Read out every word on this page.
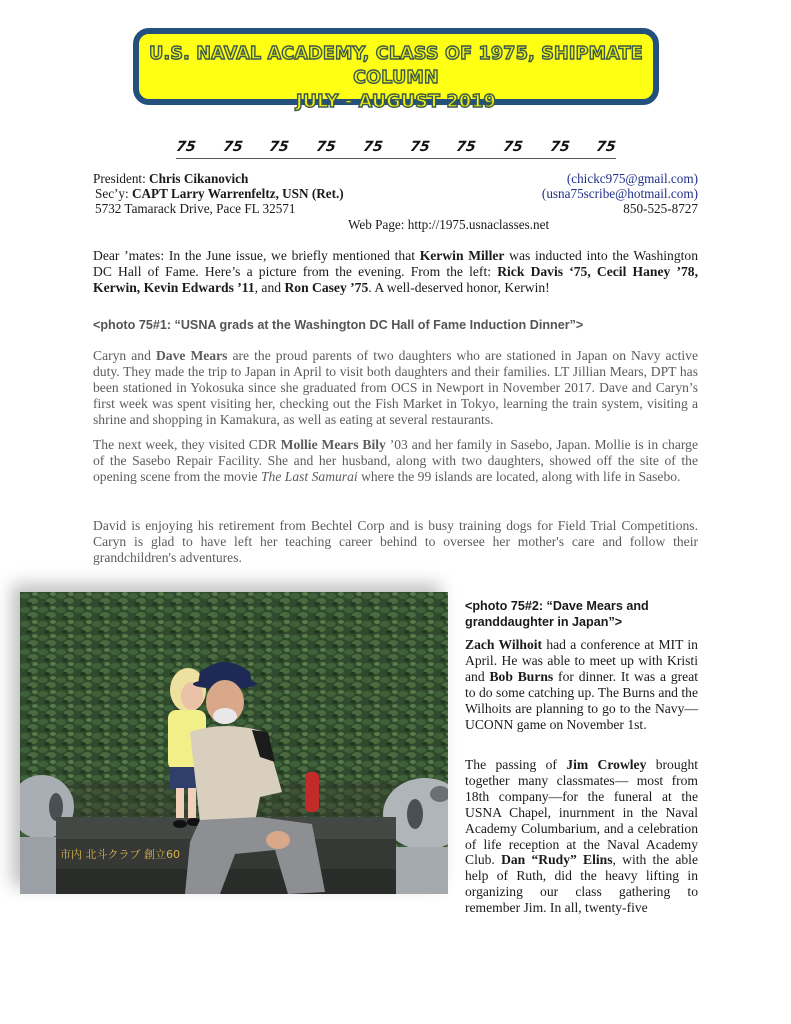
U.S. NAVAL ACADEMY, CLASS OF 1975, SHIPMATE COLUMN
JULY - AUGUST 2019
75 75 75 75 75 75 75 75 75 75
President: Chris Cikanovich	(chickc975@gmail.com)
Sec’y: CAPT Larry Warrenfeltz, USN (Ret.)	(usna75scribe@hotmail.com)
5732 Tamarack Drive, Pace FL 32571	850-525-8727
Web Page: http://1975.usnaclasses.net
Dear ’mates: In the June issue, we briefly mentioned that Kerwin Miller was inducted into the Washington DC Hall of Fame. Here’s a picture from the evening. From the left: Rick Davis ‘75, Cecil Haney ’78, Kerwin, Kevin Edwards ’11, and Ron Casey ’75. A well-deserved honor, Kerwin!
<photo 75#1: “USNA grads at the Washington DC Hall of Fame Induction Dinner”>
Caryn and Dave Mears are the proud parents of two daughters who are stationed in Japan on Navy active duty. They made the trip to Japan in April to visit both daughters and their families. LT Jillian Mears, DPT has been stationed in Yokosuka since she graduated from OCS in Newport in November 2017. Dave and Caryn’s first week was spent visiting her, checking out the Fish Market in Tokyo, learning the train system, visiting a shrine and shopping in Kamakura, as well as eating at several restaurants.
The next week, they visited CDR Mollie Mears Bily ’03 and her family in Sasebo, Japan. Mollie is in charge of the Sasebo Repair Facility. She and her husband, along with two daughters, showed off the site of the opening scene from the movie The Last Samurai where the 99 islands are located, along with life in Sasebo.
David is enjoying his retirement from Bechtel Corp and is busy training dogs for Field Trial Competitions. Caryn is glad to have left her teaching career behind to oversee her mother's care and follow their grandchildren's adventures.
市内 北斗クラブ 創立60
<photo 75#2: “Dave Mears and granddaughter in Japan”>
Zach Wilhoit had a conference at MIT in April. He was able to meet up with Kristi and Bob Burns for dinner. It was a great to do some catching up. The Burns and the Wilhoits are planning to go to the Navy—UCONN game on November 1st.
The passing of Jim Crowley brought together many classmates— most from 18th company—for the funeral at the USNA Chapel, inurnment in the Naval Academy Columbarium, and a celebration of life reception at the Naval Academy Club. Dan “Rudy” Elins, with the able help of Ruth, did the heavy lifting in organizing our class gathering to remember Jim. In all, twenty-five
